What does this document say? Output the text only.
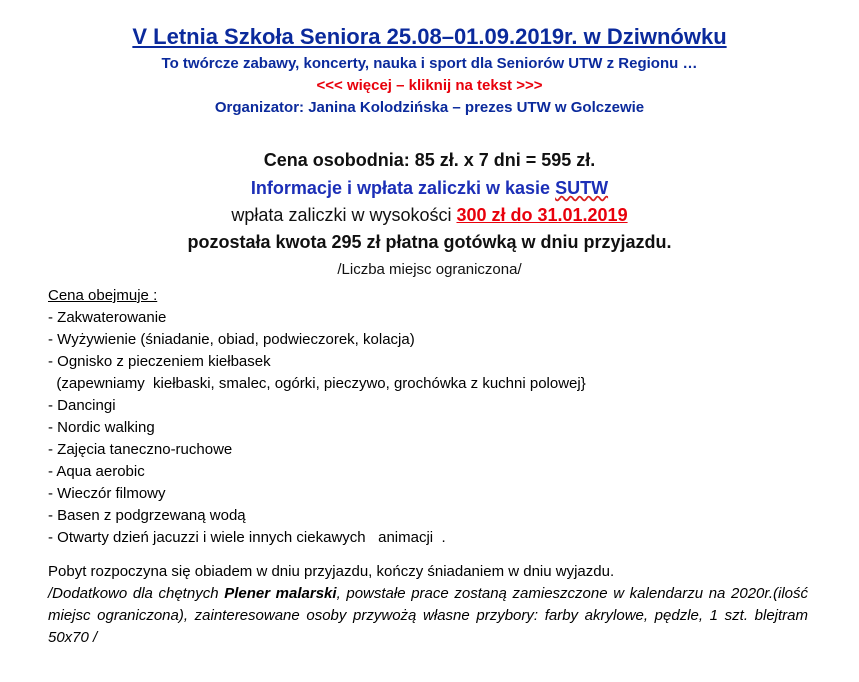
V Letnia Szkoła Seniora 25.08–01.09.2019r. w Dziwnówku
To twórcze zabawy, koncerty, nauka i sport dla Seniorów UTW z Regionu …
<<< więcej – kliknij na tekst >>>
Organizator: Janina Kolodzińska – prezes UTW w Golczewie
Cena osobodnia: 85 zł. x 7 dni = 595 zł.
Informacje i wpłata zaliczki w kasie SUTW
wpłata zaliczki w wysokości 300 zł do 31.01.2019
pozostała kwota 295 zł płatna gotówką w dniu przyjazdu.
/Liczba miejsc ograniczona/
Cena obejmuje :
- Zakwaterowanie
- Wyżywienie (śniadanie, obiad, podwieczorek, kolacja)
- Ognisko z pieczeniem kiełbasek
(zapewniamy  kiełbaski, smalec, ogórki, pieczywo, grochówka z kuchni polowej}
- Dancingi
- Nordic walking
- Zajęcia taneczno-ruchowe
- Aqua aerobic
- Wieczór filmowy
- Basen z podgrzewaną wodą
- Otwarty dzień jacuzzi i wiele innych ciekawych   animacji  .
Pobyt rozpoczyna się obiadem w dniu przyjazdu, kończy śniadaniem w dniu wyjazdu.
/Dodatkowo dla chętnych Plener malarski, powstałe prace zostaną zamieszczone w kalendarzu na 2020r.(ilość miejsc ograniczona), zainteresowane osoby przywożą własne przybory: farby akrylowe, pędzle, 1 szt. blejtram 50x70 /
